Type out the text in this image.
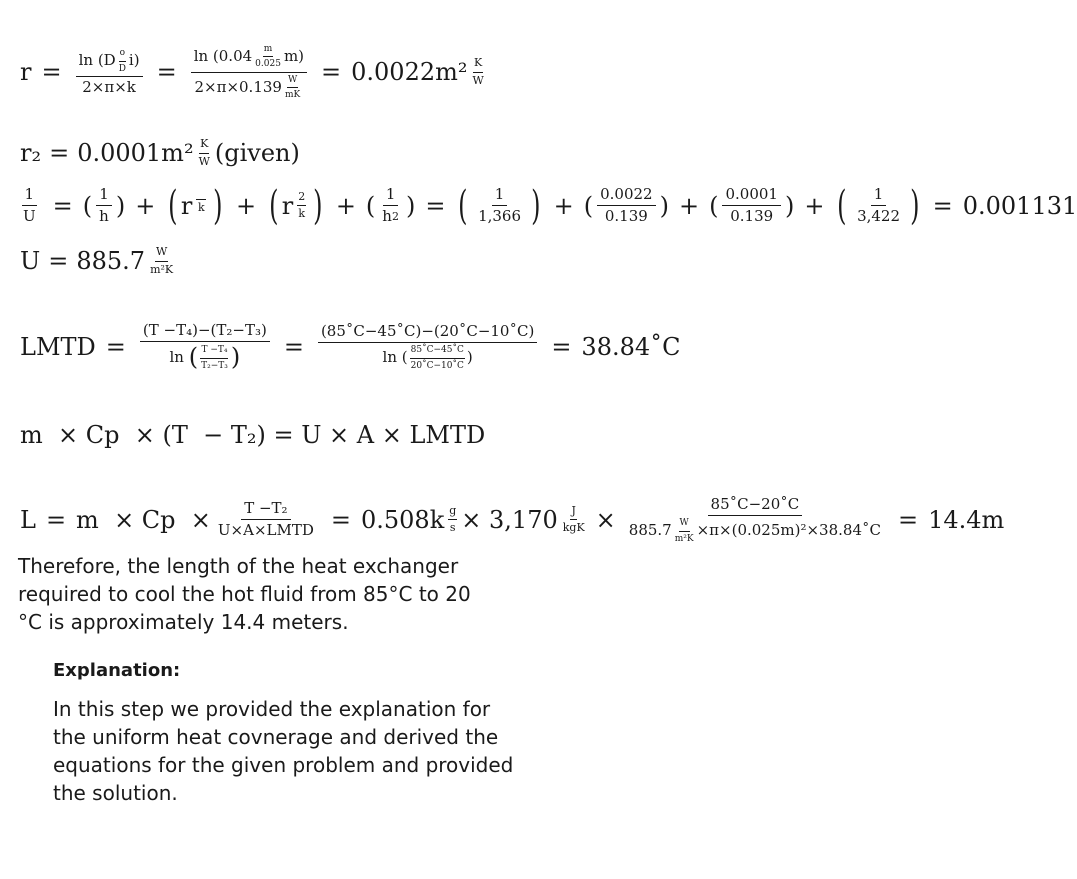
$r = \frac{\ln (D \frac{o}{D} i)}{2\times\pi\times k} = \frac{\ln (0.04 \frac{m}{0.025} m)}{2\times\pi\times 0.139 \frac{W}{mK}} = 0.0022m^2 \frac{K}{W}$
$r_2 = 0.0001m^2 \frac{K}{W}$ (given)
$\frac{1}{U}$ = ( $\frac{1}{h}$ ) + ( r k ) + ( r $\frac{2}{k}$ ) + ( $\frac{1}{h 2}$ ) = ( $\frac{1}{1,366}$ ) + ( $\frac{0.0022}{0.139}$ ) + ( $\frac{0.0001}{0.139}$ ) + ( $\frac{1}{3,422}$ ) = 0.001131
$U = 885.7 \frac{W}{\text{m²K}}$
LMTD = (T −T₄)−(T₂−T₃)
ln
( $\frac{\text{T −T₄}}{\text{T₂−T₃}}$ ) = $\frac{(85˚C-45˚C)-(20˚C-10˚C)}{\ln ( \frac{85˚C-45˚C}{20˚C-10˚C} )}$ = 38.84˚C
m  × Cp  × (T  − T₂) = U × A × LMTD
$L = m \times Cp \times \frac{\text{T −T₂}}{\text{U×A×LMTD}} = 0.508k \frac{g}{s} \times 3,170 \frac{J}{\text{kgK}} \times \frac{85˚C-20˚C}{885.7 \frac{W}{\text{m²K}} \times\pi\times(0.025m)^2\times 38.84˚C} = 14.4m$
Therefore, the length of the heat exchanger required to cool the hot fluid from 85°C to 20 °C is approximately 14.4 meters.
Explanation:
In this step we provided the explanation for the uniform heat covnerage and derived the equations for the given problem and provided the solution.
